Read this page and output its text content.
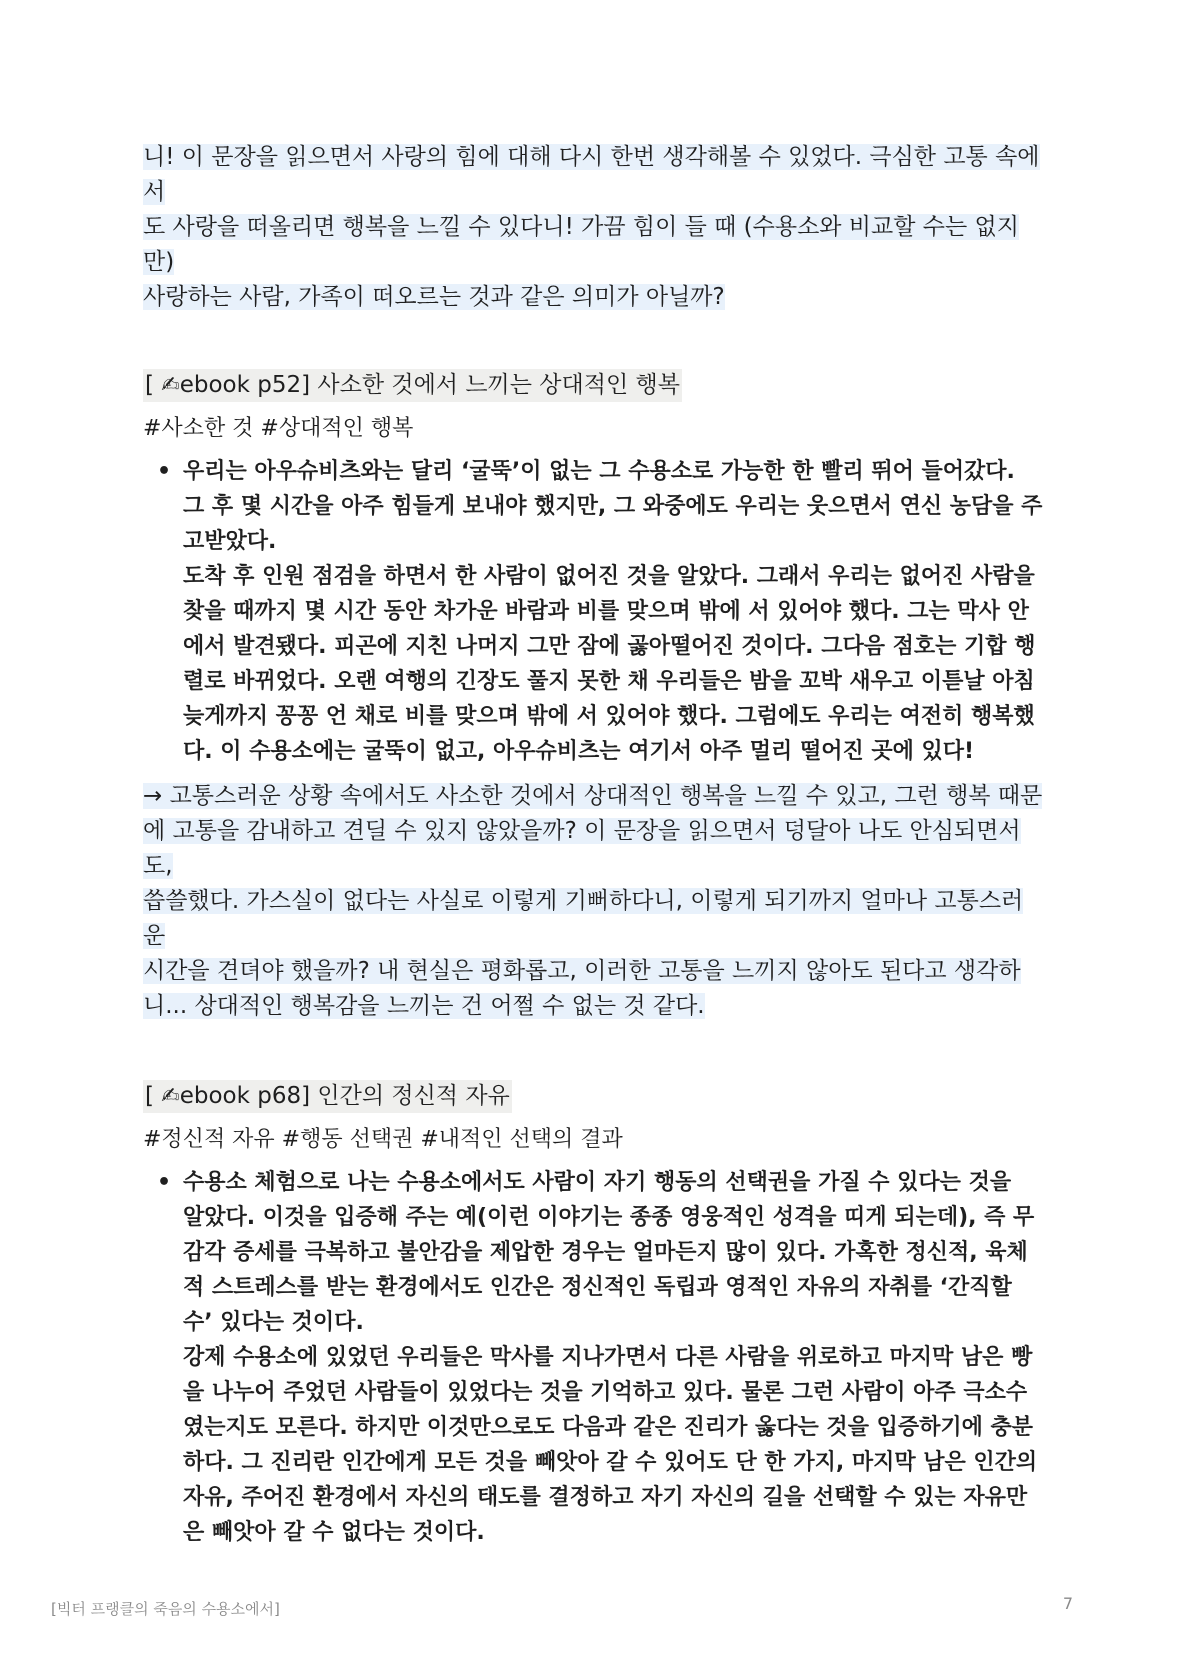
니! 이 문장을 읽으면서 사랑의 힘에 대해 다시 한번 생각해볼 수 있었다. 극심한 고통 속에서
도 사랑을 떠올리면 행복을 느낄 수 있다니! 가끔 힘이 들 때 (수용소와 비교할 수는 없지만)
사랑하는 사람, 가족이 떠오르는 것과 같은 의미가 아닐까?

[ ✍ebook p52] 사소한 것에서 느끼는 상대적인 행복

#사소한 것 #상대적인 행복

• 우리는 아우슈비츠와는 달리 ‘굴뚝’이 없는 그 수용소로 가능한 한 빨리 뛰어 들어갔다.
그 후 몇 시간을 아주 힘들게 보내야 했지만, 그 와중에도 우리는 웃으면서 연신 농담을 주
고받았다.
도착 후 인원 점검을 하면서 한 사람이 없어진 것을 알았다. 그래서 우리는 없어진 사람을
찾을 때까지 몇 시간 동안 차가운 바람과 비를 맞으며 밖에 서 있어야 했다. 그는 막사 안
에서 발견됐다. 피곤에 지친 나머지 그만 잠에 곯아떨어진 것이다. 그다음 점호는 기합 행
렬로 바뀌었다. 오랜 여행의 긴장도 풀지 못한 채 우리들은 밤을 꼬박 새우고 이튿날 아침
늦게까지 꽁꽁 언 채로 비를 맞으며 밖에 서 있어야 했다. 그럼에도 우리는 여전히 행복했
다. 이 수용소에는 굴뚝이 없고, 아우슈비츠는 여기서 아주 멀리 떨어진 곳에 있다!

→ 고통스러운 상황 속에서도 사소한 것에서 상대적인 행복을 느낄 수 있고, 그런 행복 때문
에 고통을 감내하고 견딜 수 있지 않았을까? 이 문장을 읽으면서 덩달아 나도 안심되면서도,
씁쓸했다. 가스실이 없다는 사실로 이렇게 기뻐하다니, 이렇게 되기까지 얼마나 고통스러운
시간을 견뎌야 했을까? 내 현실은 평화롭고, 이러한 고통을 느끼지 않아도 된다고 생각하
니... 상대적인 행복감을 느끼는 건 어쩔 수 없는 것 같다.

[ ✍ebook p68] 인간의 정신적 자유

#정신적 자유 #행동 선택권 #내적인 선택의 결과

• 수용소 체험으로 나는 수용소에서도 사람이 자기 행동의 선택권을 가질 수 있다는 것을
알았다. 이것을 입증해 주는 예(이런 이야기는 종종 영웅적인 성격을 띠게 되는데), 즉 무
감각 증세를 극복하고 불안감을 제압한 경우는 얼마든지 많이 있다. 가혹한 정신적, 육체
적 스트레스를 받는 환경에서도 인간은 정신적인 독립과 영적인 자유의 자취를 ‘간직할
수’ 있다는 것이다.
강제 수용소에 있었던 우리들은 막사를 지나가면서 다른 사람을 위로하고 마지막 남은 빵
을 나누어 주었던 사람들이 있었다는 것을 기억하고 있다. 물론 그런 사람이 아주 극소수
였는지도 모른다. 하지만 이것만으로도 다음과 같은 진리가 옳다는 것을 입증하기에 충분
하다. 그 진리란 인간에게 모든 것을 빼앗아 갈 수 있어도 단 한 가지, 마지막 남은 인간의
자유, 주어진 환경에서 자신의 태도를 결정하고 자기 자신의 길을 선택할 수 있는 자유만
은 빼앗아 갈 수 없다는 것이다.
[빅터 프랭클의 죽음의 수용소에서]	7
